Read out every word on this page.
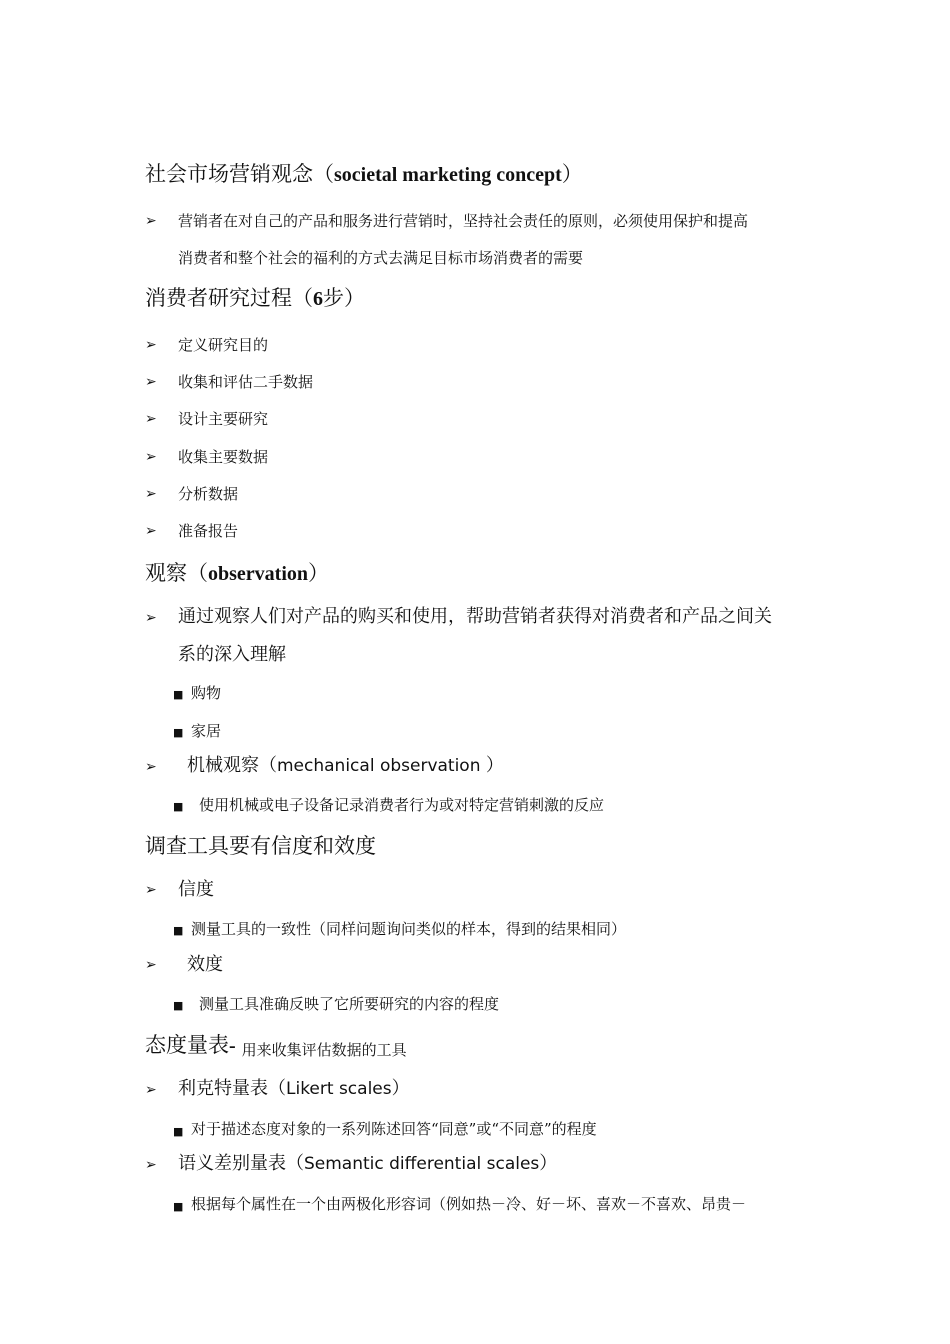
社会市场营销观念（societal marketing concept）
➢ 营销者在对自己的产品和服务进行营销时，坚持社会责任的原则，必须使用保护和提高
消费者和整个社会的福利的方式去满足目标市场消费者的需要
消费者研究过程（6步）
➢ 定义研究目的
➢ 收集和评估二手数据
➢ 设计主要研究
➢ 收集主要数据
➢ 分析数据
➢ 准备报告
观察（observation）
➢ 通过观察人们对产品的购买和使用，帮助营销者获得对消费者和产品之间关
系的深入理解
■ 购物
■ 家居
➢ 机械观察（mechanical observation ）
■ 使用机械或电子设备记录消费者行为或对特定营销刺激的反应
调查工具要有信度和效度
➢ 信度
■ 测量工具的一致性（同样问题询问类似的样本，得到的结果相同）
➢ 效度
■ 测量工具准确反映了它所要研究的内容的程度
态度量表- 用来收集评估数据的工具
➢ 利克特量表（Likert scales）
■ 对于描述态度对象的一系列陈述回答“同意”或“不同意”的程度
➢ 语义差别量表（Semantic differential scales）
■ 根据每个属性在一个由两极化形容词（例如热－冷、好－坏、喜欢－不喜欢、昂贵－
